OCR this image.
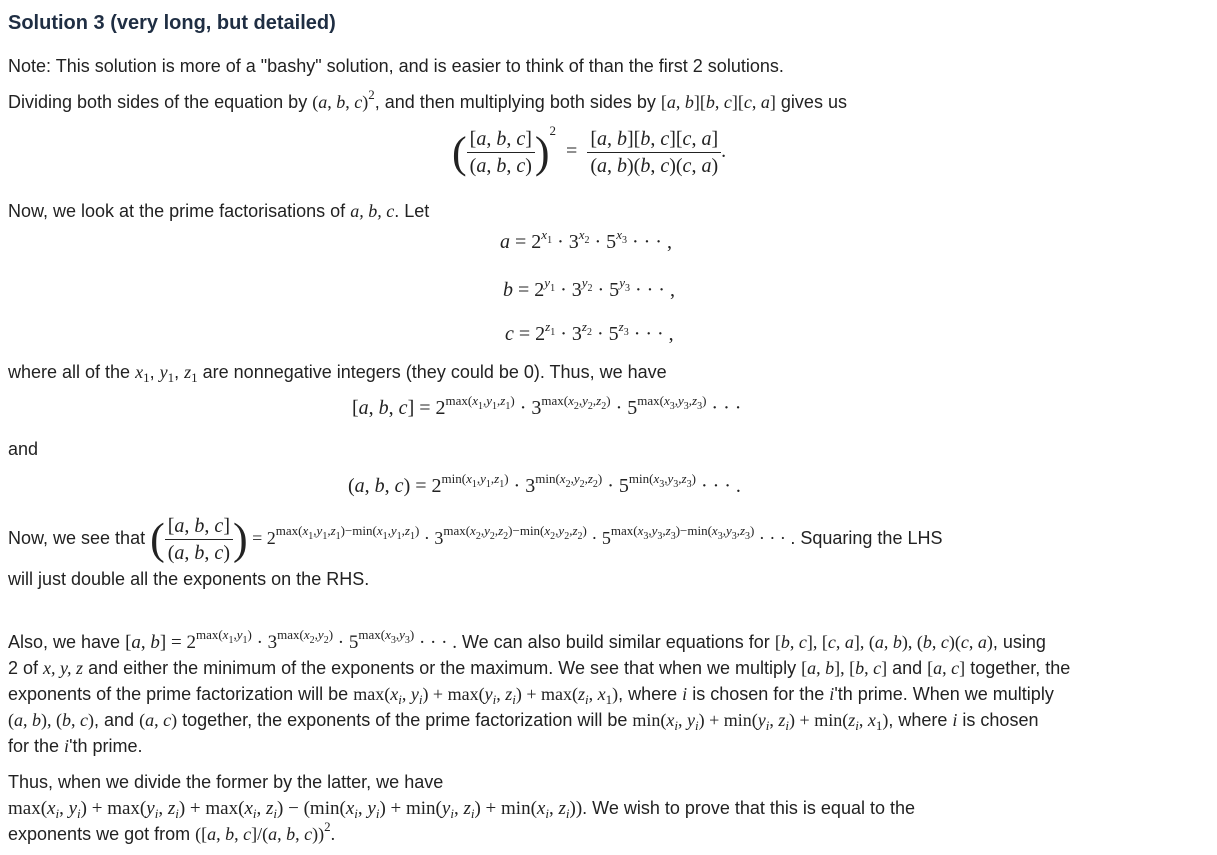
Solution 3 (very long, but detailed)
Note: This solution is more of a "bashy" solution, and is easier to think of than the first 2 solutions.
Dividing both sides of the equation by (a, b, c)$^2$, and then multiplying both sides by [a, b][b, c][c, a] gives us
( $\frac{[a, b, c]}{(a, b, c)} )^2 = \frac{[a, b][b, c][c, a]}{(a, b)(b, c)(c, a)}$ .
Now, we look at the prime factorisations of a, b, c. Let
$a = 2^{x_1} \cdot 3^{x_2} \cdot 5^{x_3}$ · · · ,
$b = 2^{y_1} \cdot 3^{y_2} \cdot 5^{y_3}$ · · · ,
$c = 2^{z_1} \cdot 3^{z_2} \cdot 5^{z_3}$ · · · ,
where all of the $x_1$, $y_1$, $z_1$ are nonnegative integers (they could be 0). Thus, we have
[a, b, $c] = 2^{max(x_1,y_1,z_1)} \cdot 3^{max(x_2,y_2,z_2)} \cdot 5^{max(x_3,y_3,z_3)}$ · · ·
and
(a, b, $c) = 2^{min(x_1,y_1,z_1)} \cdot 3^{min(x_2,y_2,z_2)} \cdot 5^{min(x_3,y_3,z_3)}$ · · · .
Now, we see that ( $\frac{[a, b, c]}{(a, b, c)}$ ) = $2^{max(x_1,y_1,z_1)-min(x_1,y_1,z_1)} \cdot 3^{max(x_2,y_2,z_2)-min(x_2,y_2,z_2)} \cdot 5^{max(x_3,y_3,z_3)-min(x_3,y_3,z_3)}$ · · · . Squaring the LHS
will just double all the exponents on the RHS.
Also, we have [a, $b] = 2^{max(x_1,y_1)} \cdot 3^{max(x_2,y_2)} \cdot 5^{max(x_3,y_3)}$ · · · . We can also build similar equations for [b, c], [c, a], (a, b), (b, c)(c, a), using
2 of x, y, z and either the minimum of the exponents or the maximum. We see that when we multiply [a, b], [b, c] and [a, c] together, the
exponents of the prime factorization will be $\max(x_i$, $y_i) + \max(y_i$, $z_i) + \max(z_i$, $x_1$), where i is chosen for the i'th prime. When we multiply
(a, b), (b, c), and (a, c) together, the exponents of the prime factorization will be $\min(x_i$, $y_i) + \min(y_i$, $z_i) + \min(z_i$, $x_1$), where i is chosen
for the i'th prime.
Thus, when we divide the former by the latter, we have
$\max(x_i$, $y_i) + \max(y_i$, $z_i) + \max(x_i$, $z_i) - (\min(x_i$, $y_i) + \min(y_i$, $z_i) + \min(x_i$, $z_i$)). We wish to prove that this is equal to the
exponents we got from ([a, b, c]/(a, b, c))$^2$.
